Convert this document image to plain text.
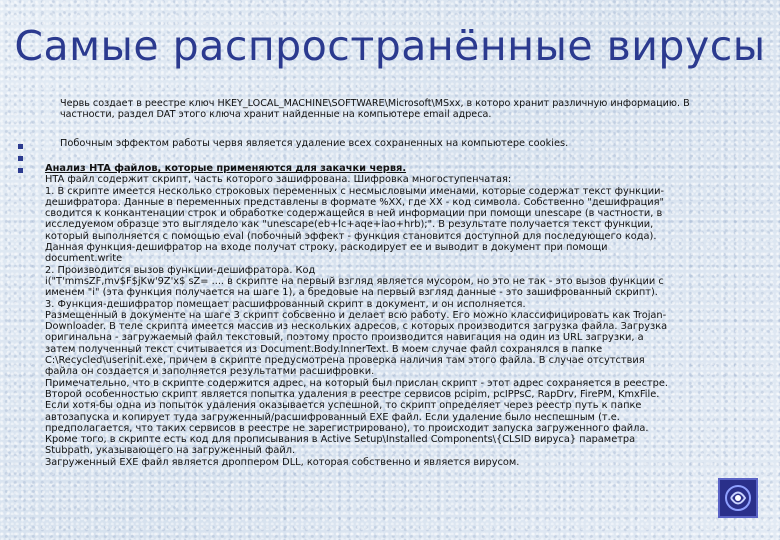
Самые распространённые вирусы
Червь создает в реестре ключ HKEY_LOCAL_MACHINE\SOFTWARE\Microsoft\MSxx, в которо хранит различную информацию. В
частности, раздел DAT этого ключа хранит найденные на компьютере email адреса.
Побочным эффектом работы червя является удаление всех сохраненных на компьютере cookies.
Анализ HTA файлов, которые применяются для закачки червя.
HTA файл содержит скрипт, часть которого зашифрована. Шифровка многоступенчатая:
1. В скрипте имеется несколько строковых переменных с несмысловыми именами, которые содержат текст функции-
дешифратора. Данные в переменных представлены в формате %XX, где XX - код символа. Собственно "дешифрация"
сводится к конкантенации строк и обработке содержащейся в ней информации при помощи unescape (в частности, в
исследуемом образце это выглядело как "unescape(eb+lc+aqe+iao+hrb);". В результате получается текст функции,
который выполняется с помощью eval (побочный эффект - функция становится доступной для последующего кода).
Данная функция-дешифратор на входе получат строку, раскодирует ее и выводит в документ при помощи
document.write
2. Производится вызов функции-дешифратора. Код
i("T'mmsZF,mv$F$jKw'9Z'x$ sZ= .... в скрипте на первый взгляд является мусором, но это не так - это вызов функции с
именем "i" (эта функция получается на шаге 1), а бредовые на первый взгляд данные - это зашифрованный скрипт).
3. Функция-дешифратор помещает расшифрованный скрипт в документ, и он исполняется.
Размещенный в документе на шаге 3 скрипт собсвенно и делает всю работу. Его можно классифицировать как Trojan-
Downloader. В теле скрипта имеется массив из нескольких адресов, с которых производится загрузка файла. Загрузка
оригинальна - загружаемый файл текстовый, поэтому просто производится навигация на один из URL загрузки, а
затем полученный текст считывается из Document.Body.InnerText. В моем случае файл сохранялся в папке
C:\Recycled\userinit.exe, причем в скрипте предусмотрена проверка наличия там этого файла. В случае отсутствия
файла он создается и заполняется результатми расшифровки.
Примечательно, что в скрипте содержится адрес, на который был прислан скрипт - этот адрес сохраняется в реестре.
Второй особенностью скрипт является попытка удаления в реестре сервисов pcipim, pcIPPsC, RapDrv, FirePM, KmxFile.
Если хотя-бы одна из попыток удаления оказывается успешной, то скрипт определяет через реестр путь к папке
автозапуска и копирует туда загруженный/расшифрованный EXE файл. Если удаление было неспешным (т.е.
предполагается, что таких сервисов в реестре не зарегистрировано), то происходит запуска загруженного файла.
Кроме того, в скрипте есть код для прописывания в Active Setup\Installed Components\{CLSID вируса} параметра
Stubpath, указывающего на загруженный файл.
Загруженный EXE файл является дроппером DLL, которая собственно и является вирусом.
